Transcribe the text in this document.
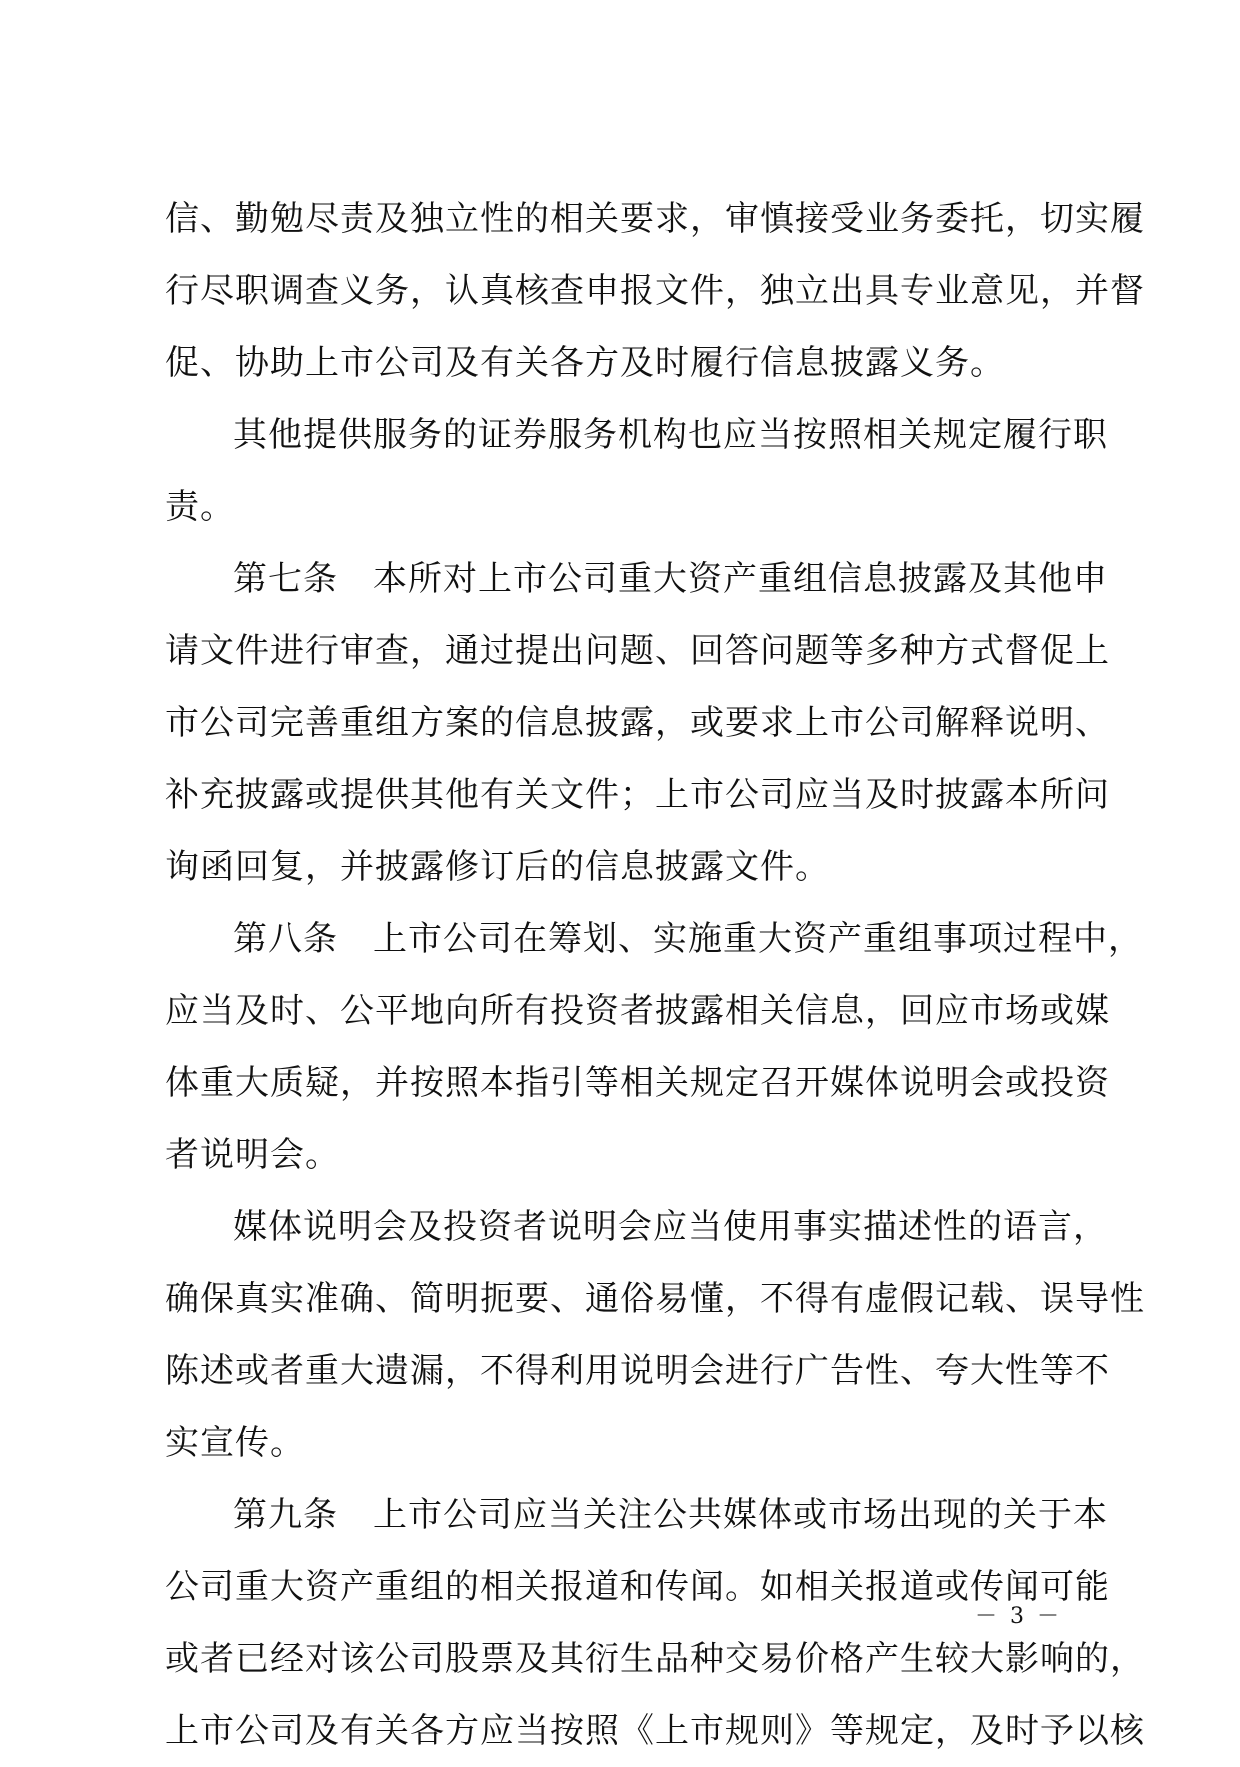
信、勤勉尽责及独立性的相关要求，审慎接受业务委托，切实履
行尽职调查义务，认真核查申报文件，独立出具专业意见，并督
促、协助上市公司及有关各方及时履行信息披露义务。
其他提供服务的证券服务机构也应当按照相关规定履行职
责。
第七条　本所对上市公司重大资产重组信息披露及其他申
请文件进行审查，通过提出问题、回答问题等多种方式督促上
市公司完善重组方案的信息披露，或要求上市公司解释说明、
补充披露或提供其他有关文件；上市公司应当及时披露本所问
询函回复，并披露修订后的信息披露文件。
第八条　上市公司在筹划、实施重大资产重组事项过程中，
应当及时、公平地向所有投资者披露相关信息，回应市场或媒
体重大质疑，并按照本指引等相关规定召开媒体说明会或投资
者说明会。
媒体说明会及投资者说明会应当使用事实描述性的语言，
确保真实准确、简明扼要、通俗易懂，不得有虚假记载、误导性
陈述或者重大遗漏，不得利用说明会进行广告性、夸大性等不
实宣传。
第九条　上市公司应当关注公共媒体或市场出现的关于本
公司重大资产重组的相关报道和传闻。如相关报道或传闻可能
或者已经对该公司股票及其衍生品种交易价格产生较大影响的，
上市公司及有关各方应当按照《上市规则》等规定，及时予以核
－ 3 －
